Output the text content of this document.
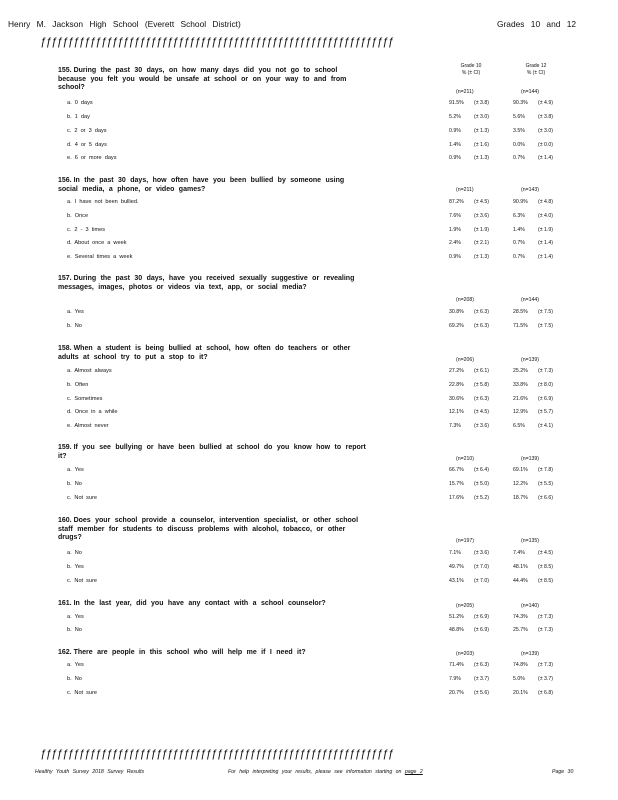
Henry M. Jackson High School (Everett School District)	Grades 10 and 12
ƒƒƒƒƒƒƒƒƒƒƒƒƒƒƒƒƒƒƒƒƒƒƒƒƒƒƒƒƒƒƒƒƒƒƒƒƒƒƒƒƒƒƒƒƒƒƒƒƒƒƒƒƒƒƒƒƒƒƒƒƒƒƒƒ
Grade 10
% (± CI)
Grade 12
% (± CI)
155. During the past 30 days, on how many days did you not go to school because you felt you would be unsafe at school or on your way to and from school?
(n=211)	(n=144)
a. 0 days	91.5%	(± 3.8)	90.3%	(± 4.9)
b. 1 day	5.2%	(± 3.0)	5.6%	(± 3.8)
c. 2 or 3 days	0.9%	(± 1.3)	3.5%	(± 3.0)
d. 4 or 5 days	1.4%	(± 1.6)	0.0%	(± 0.0)
e. 6 or more days	0.9%	(± 1.3)	0.7%	(± 1.4)
156. In the past 30 days, how often have you been bullied by someone using social media, a phone, or video games?	(n=211)	(n=143)
a. I have not been bullied.	87.2%	(± 4.5)	90.9%	(± 4.8)
b. Once	7.6%	(± 3.6)	6.3%	(± 4.0)
c. 2 - 3 times	1.9%	(± 1.9)	1.4%	(± 1.9)
d. About once a week	2.4%	(± 2.1)	0.7%	(± 1.4)
e. Several times a week	0.9%	(± 1.3)	0.7%	(± 1.4)
157. During the past 30 days, have you received sexually suggestive or revealing messages, images, photos or videos via text, app, or social media?
(n=208)	(n=144)
a. Yes	30.8%	(± 6.3)	28.5%	(± 7.5)
b. No	69.2%	(± 6.3)	71.5%	(± 7.5)
158. When a student is being bullied at school, how often do teachers or other adults at school try to put a stop to it?	(n=206)	(n=139)
a. Almost always	27.2%	(± 6.1)	25.2%	(± 7.3)
b. Often	22.8%	(± 5.8)	33.8%	(± 8.0)
c. Sometimes	30.6%	(± 6.3)	21.6%	(± 6.9)
d. Once in a while	12.1%	(± 4.5)	12.9%	(± 5.7)
e. Almost never	7.3%	(± 3.6)	6.5%	(± 4.1)
159. If you see bullying or have been bullied at school do you know how to report it?	(n=210)	(n=139)
a. Yes	66.7%	(± 6.4)	69.1%	(± 7.8)
b. No	15.7%	(± 5.0)	12.2%	(± 5.5)
c. Not sure	17.6%	(± 5.2)	18.7%	(± 6.6)
160. Does your school provide a counselor, intervention specialist, or other school staff member for students to discuss problems with alcohol, tobacco, or other drugs?	(n=197)	(n=135)
a. No	7.1%	(± 3.6)	7.4%	(± 4.5)
b. Yes	49.7%	(± 7.0)	48.1%	(± 8.5)
c. Not sure	43.1%	(± 7.0)	44.4%	(± 8.5)
161. In the last year, did you have any contact with a school counselor?	(n=205)	(n=140)
a. Yes	51.2%	(± 6.9)	74.3%	(± 7.3)
b. No	48.8%	(± 6.9)	25.7%	(± 7.3)
162. There are people in this school who will help me if I need it?	(n=203)	(n=139)
a. Yes	71.4%	(± 6.3)	74.8%	(± 7.3)
b. No	7.9%	(± 3.7)	5.0%	(± 3.7)
c. Not sure	20.7%	(± 5.6)	20.1%	(± 6.8)
ƒƒƒƒƒƒƒƒƒƒƒƒƒƒƒƒƒƒƒƒƒƒƒƒƒƒƒƒƒƒƒƒƒƒƒƒƒƒƒƒƒƒƒƒƒƒƒƒƒƒƒƒƒƒƒƒƒƒƒƒƒƒƒƒ
Healthy Youth Survey 2018 Survey Results	For help interpreting your results, please see information starting on page 2	Page 30
